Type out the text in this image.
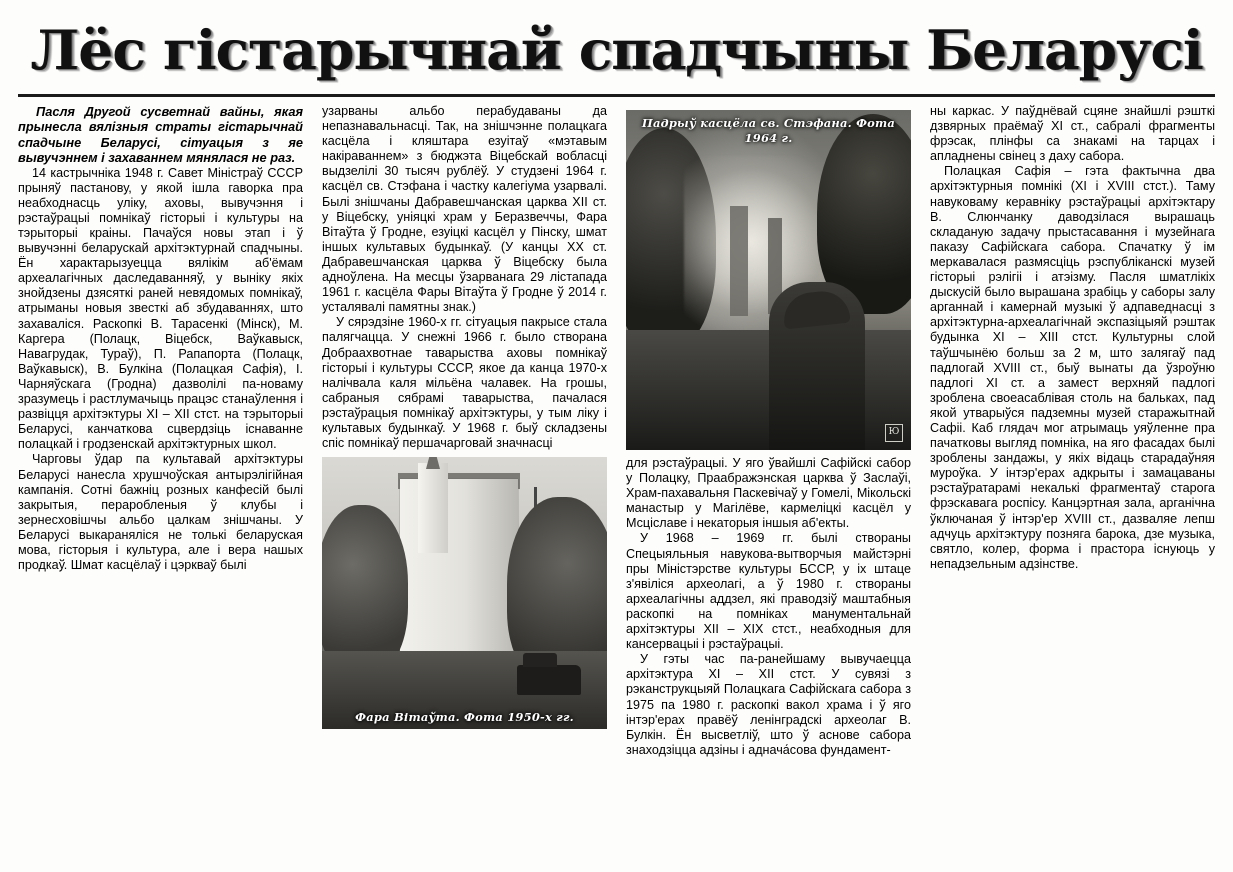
Лёс гістарычнай спадчыны Беларусі

Пасля Другой сусветнай вайны, якая прынесла вялізныя страты гістарычнай спадчыне Беларусі, сітуацыя з яе вывучэннем і захаваннем мянялася не раз.

14 кастрычніка 1948 г. Савет Міністраў СССР прыняў пастанову, у якой ішла гаворка пра неабходнасць уліку, аховы, вывучэння і рэстаўрацыі помнікаў гісторыі і культуры на тэрыторыі краіны. Пачаўся новы этап і ў вывучэнні беларускай архітэктурнай спадчыны. Ён характарызуецца вялікім аб'ёмам археалагічных даследаванняў, у выніку якіх знойдзены дзясяткі раней невядомых помнікаў, атрыманы новыя звесткі аб збудаваннях, што захаваліся. Раскопкі В. Тарасенкі (Мінск), М. Каргера (Полацк, Віцебск, Ваўкавыск, Навагрудак, Тураў), П. Рапапорта (Полацк, Ваўкавыск), В. Булкіна (Полацкая Сафія), І. Чарняўскага (Гродна) дазволілі па-новаму зразумець і растлумачыць працэс станаўлення і развіцця архітэктуры XI – XII стст. на тэрыторыі Беларусі, канчаткова сцвердзіць існаванне полацкай і гродзенскай архітэктурных школ.

Чарговы ўдар па культавай архітэктуры Беларусі нанесла хрушчоўская антырэлігійная кампанія. Сотні бажніц розных канфесій былі закрытыя, пераробленыя ў клубы і зернесховішчы альбо цалкам знішчаны. У Беларусі выкараняліся не толькі беларуская мова, гісторыя і культура, але і вера нашых продкаў. Шмат касцёлаў і цэркваў былі

узарваны альбо перабудаваны да непазнавальнасці. Так, на знішчэнне полацкага касцёла і кляштара езуітаў «мэтавым накіраваннем» з бюджэта Віцебскай вобласці выдзелілі 30 тысяч рублёў. У студзені 1964 г. касцёл св. Стэфана і частку калегіума узарвалі. Былі знішчаны Дабравешчанская царква XII ст. у Віцебску, уніяцкі храм у Беразвеччы, Фара Вітаўта ў Гродне, езуіцкі касцёл у Пінску, шмат іншых культавых будынкаў. (У канцы XX ст. Дабравешчанская царква ў Віцебску была адноўлена. На месцы ўзарванага 29 лістапада 1961 г. касцёла Фары Вітаўта ў Гродне ў 2014 г. усталявалі памятны знак.)

У сярэдзіне 1960-х гг. сітуацыя пакрысе стала палягчацца. У снежні 1966 г. было створана Добраахвотнае таварыства аховы помнікаў гісторыі і культуры СССР, якое да канца 1970-х налічвала каля мільёна чалавек. На грошы, сабраныя сябрамі таварыства, пачалася рэстаўрацыя помнікаў архітэктуры, у тым ліку і культавых будынкаў. У 1968 г. быў складзены спіс помнікаў першачарговай значнасці

Фара Вітаўта. Фота 1950-х гг.
Падрыў касцёла св. Стэфана. Фота 1964 г.
Ю

для рэстаўрацыі. У яго ўвайшлі Сафійскі сабор у Полацку, Праабражэнская царква ў Заслаўі, Храм-пахавальня Паскевічаў у Гомелі, Мікольскі манастыр у Магілёве, кармеліцкі касцёл у Мсціславе і некаторыя іншыя аб'екты.

У 1968 – 1969 гг. былі створаны Спецыяльныя навукова-вытворчыя майстэрні пры Міністэрстве культуры БССР, у іх штаце з'явіліся археолагі, а ў 1980 г. створаны археалагічны аддзел, які праводзіў маштабныя раскопкі на помніках манументальнай архітэктуры XII – XIX стст., неабходныя для кансервацыі і рэстаўрацыі.

У гэты час па-ранейшаму вывучаецца архітэктура XI – XII стст. У сувязі з рэканструкцыяй Полацкага Сафійскага сабора з 1975 па 1980 г. раскопкі вакол храма і ў яго інтэр'ерах правёў ленінградскі археолаг В. Булкін. Ён высветліў, што ў аснове сабора знаходзіцца адзіны і аднача́сова фундамент-

ны каркас. У паўднёвай сцяне знайшлі рэшткі дзвярных праёмаў XI ст., сабралі фрагменты фрэсак, плінфы са знакамі на тарцах і апладнены свінец з даху сабора.

Полацкая Сафія – гэта фактычна два архітэктурныя помнікі (XI і XVIII стст.). Таму навуковаму керавніку рэстаўрацыі архітэктару В. Слюнчанку даводзілася вырашаць складаную задачу прыстасавання і музейнага паказу Сафійскага сабора. Спачатку ў ім меркавалася размясціць рэспубліканскі музей гісторыі рэлігіі і атэізму. Пасля шматлікіх дыскусій было вырашана зрабіць у саборы залу арганнай і камернай музыкі ў адпаведнасці з архітэктурна-археалагічнай экспазіцыяй рэштак будынка XI – XIII стст. Культурны слой таўшчынёю больш за 2 м, што залягаў пад падлогай XVIII ст., быў вынаты да ўзроўню падлогі XI ст. а замест верхняй падлогі зроблена своеасаблівая столь на бальках, пад якой утварыўся падземны музей старажытнай Сафіі. Каб глядач мог атрымаць уяўленне пра пачатковы выгляд помніка, на яго фасадах былі зроблены зандажы, у якіх відаць старадаўняя муроўка. У інтэр'ерах адкрыты і замацаваны рэстаўратарамі некалькі фрагментаў старога фрэскавага роспісу. Канцэртная зала, арганічна ўключаная ў інтэр'ер XVIII ст., дазваляе лепш адчуць архітэктуру позняга барока, дзе музыка, святло, колер, форма і прастора існуюць у непадзельным адзінстве.
